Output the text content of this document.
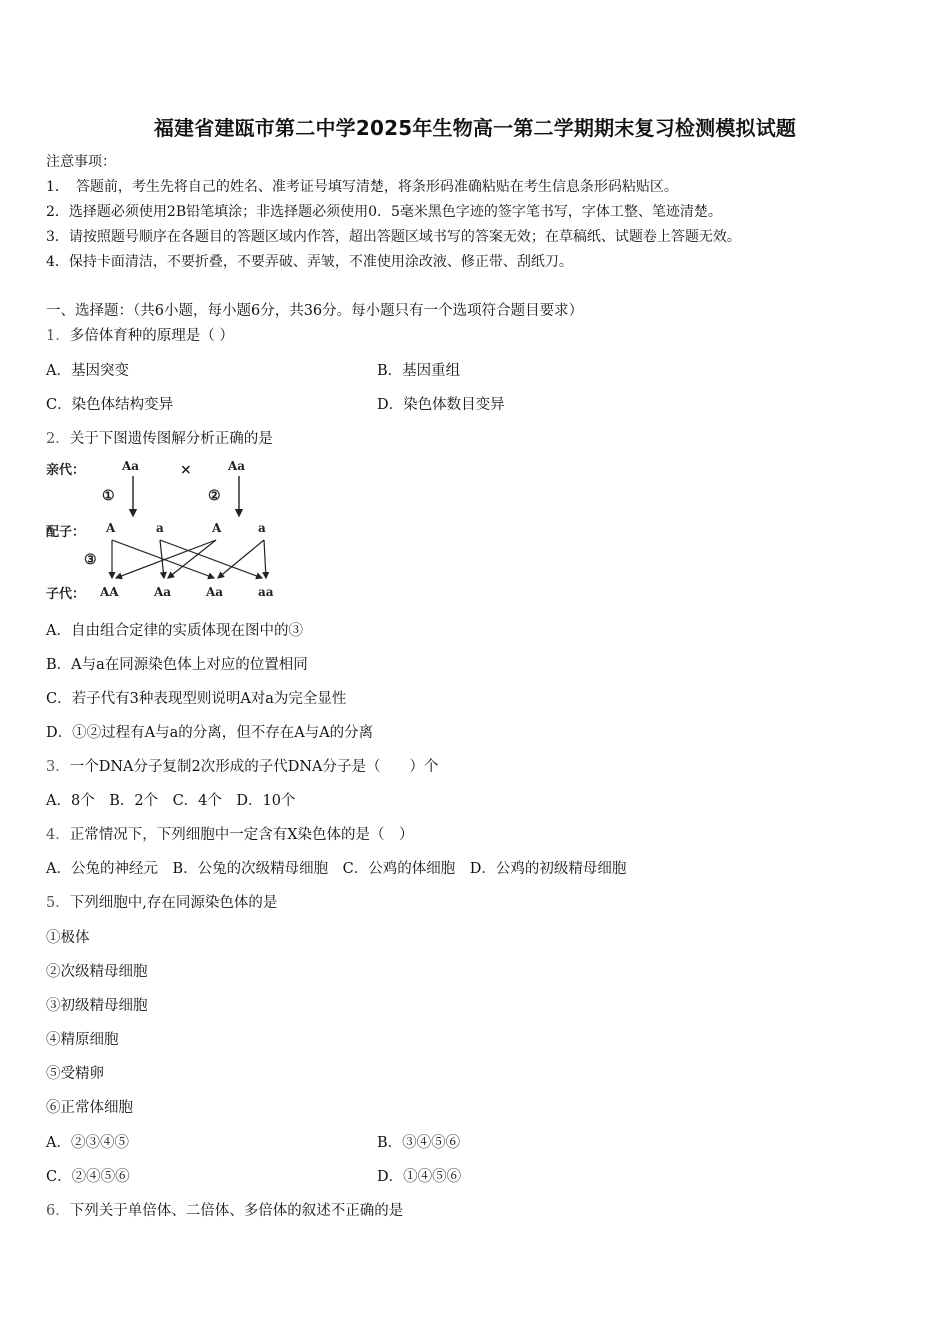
福建省建瓯市第二中学2025年生物高一第二学期期末复习检测模拟试题
注意事项：
1．　答题前，考生先将自己的姓名、准考证号填写清楚，将条形码准确粘贴在考生信息条形码粘贴区。
2．选择题必须使用2B铅笔填涂；非选择题必须使用0．5毫米黑色字迹的签字笔书写，字体工整、笔迹清楚。
3．请按照题号顺序在各题目的答题区域内作答，超出答题区域书写的答案无效；在草稿纸、试题卷上答题无效。
4．保持卡面清洁，不要折叠，不要弄破、弄皱，不准使用涂改液、修正带、刮纸刀。
一、选择题：（共6小题，每小题6分，共36分。每小题只有一个选项符合题目要求）
1．多倍体育种的原理是（ ）
A．基因突变	B．基因重组
C．染色体结构变异	D．染色体数目变异
2．关于下图遗传图解分析正确的是
亲代：	Aa	×	Aa
①	②
配子： A	a	A	a
③
子代： AA	Aa	Aa	aa
A．自由组合定律的实质体现在图中的③
B．A与a在同源染色体上对应的位置相同
C．若子代有3种表现型则说明A对a为完全显性
D．①②过程有A与a的分离，但不存在A与A的分离
3．一个DNA分子复制2次形成的子代DNA分子是（　　）个
A．8个　B．2个　C．4个　D．10个
4．正常情况下，下列细胞中一定含有X染色体的是（　）
A．公兔的神经元　B．公兔的次级精母细胞　C．公鸡的体细胞　D．公鸡的初级精母细胞
5．下列细胞中,存在同源染色体的是
①极体
②次级精母细胞
③初级精母细胞
④精原细胞
⑤受精卵
⑥正常体细胞
A．②③④⑤	B．③④⑤⑥
C．②④⑤⑥	D．①④⑤⑥
6．下列关于单倍体、二倍体、多倍体的叙述不正确的是
